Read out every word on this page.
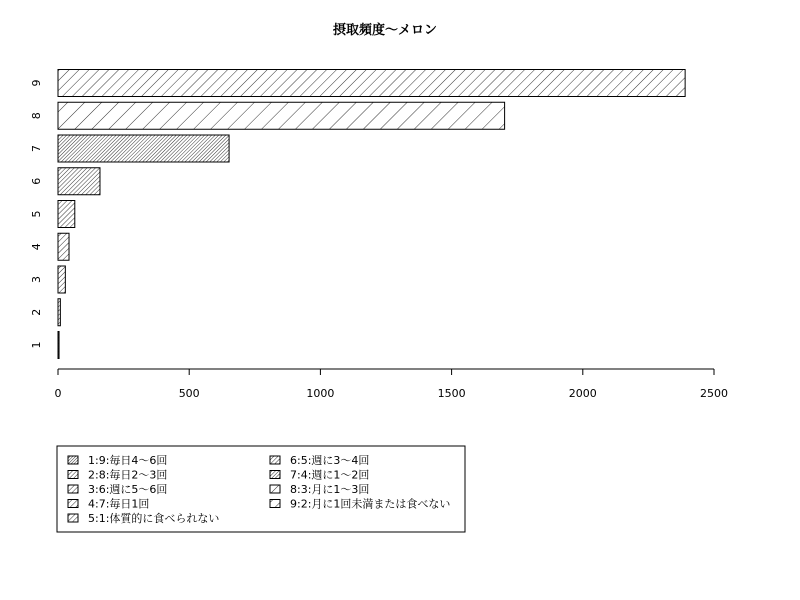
摂取頻度〜メロン
1
2
3
4
5
6
7
8
9
0	500	1000	1500	2000	2500
1:9:毎日4〜6回
2:8:毎日2〜3回
3:6:週に5〜6回
4:7:毎日1回
5:1:体質的に食べられない
6:5:週に3〜4回
7:4:週に1〜2回
8:3:月に1〜3回
9:2:月に1回未満または食べない
